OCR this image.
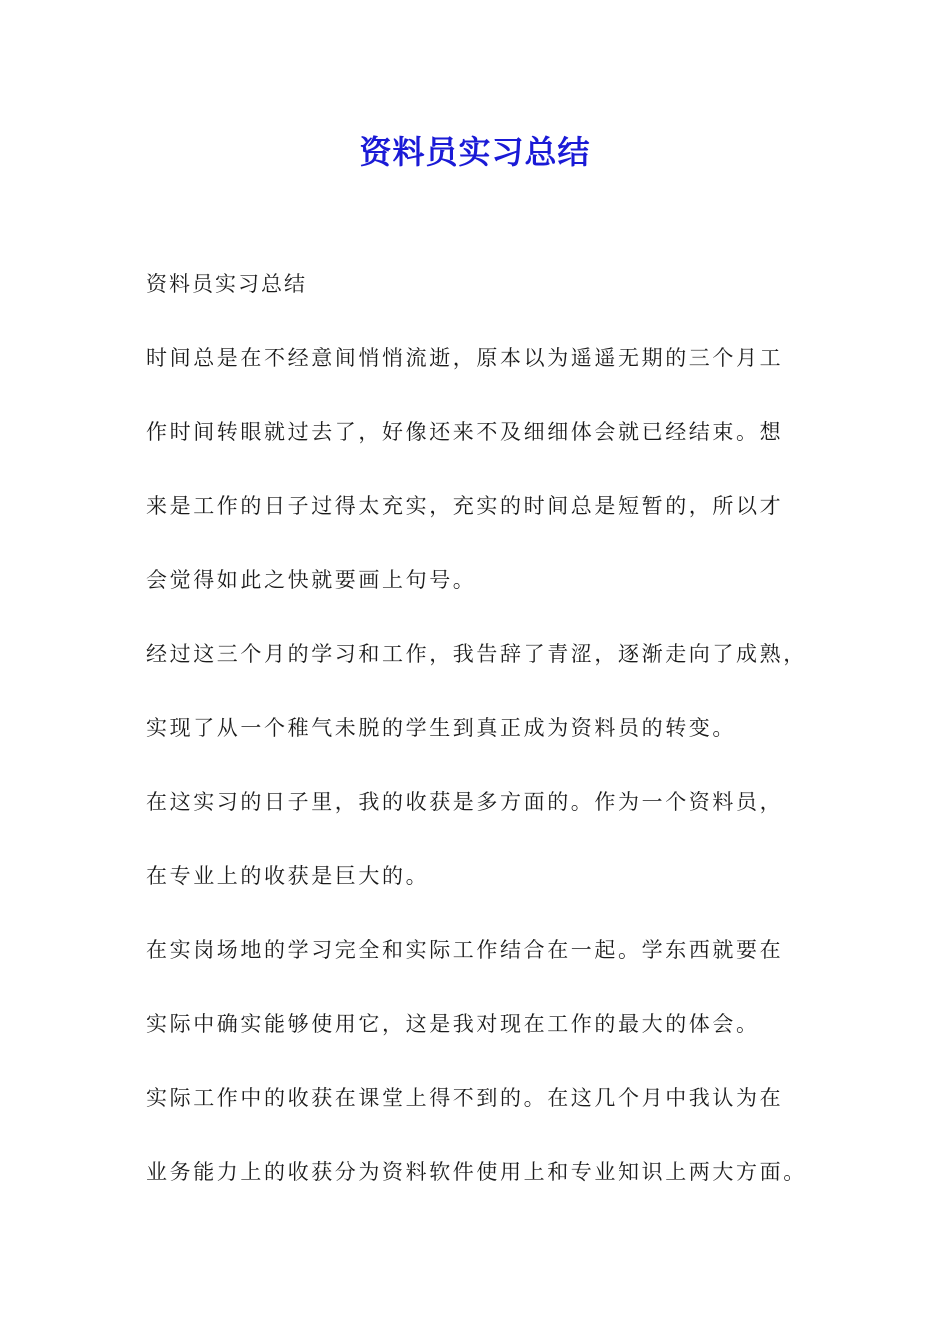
资料员实习总结
资料员实习总结
时间总是在不经意间悄悄流逝，原本以为遥遥无期的三个月工
作时间转眼就过去了，好像还来不及细细体会就已经结束。想
来是工作的日子过得太充实，充实的时间总是短暂的，所以才
会觉得如此之快就要画上句号。
经过这三个月的学习和工作，我告辞了青涩，逐渐走向了成熟，
实现了从一个稚气未脱的学生到真正成为资料员的转变。
在这实习的日子里，我的收获是多方面的。作为一个资料员，
在专业上的收获是巨大的。
在实岗场地的学习完全和实际工作结合在一起。学东西就要在
实际中确实能够使用它，这是我对现在工作的最大的体会。
实际工作中的收获在课堂上得不到的。在这几个月中我认为在
业务能力上的收获分为资料软件使用上和专业知识上两大方面。
